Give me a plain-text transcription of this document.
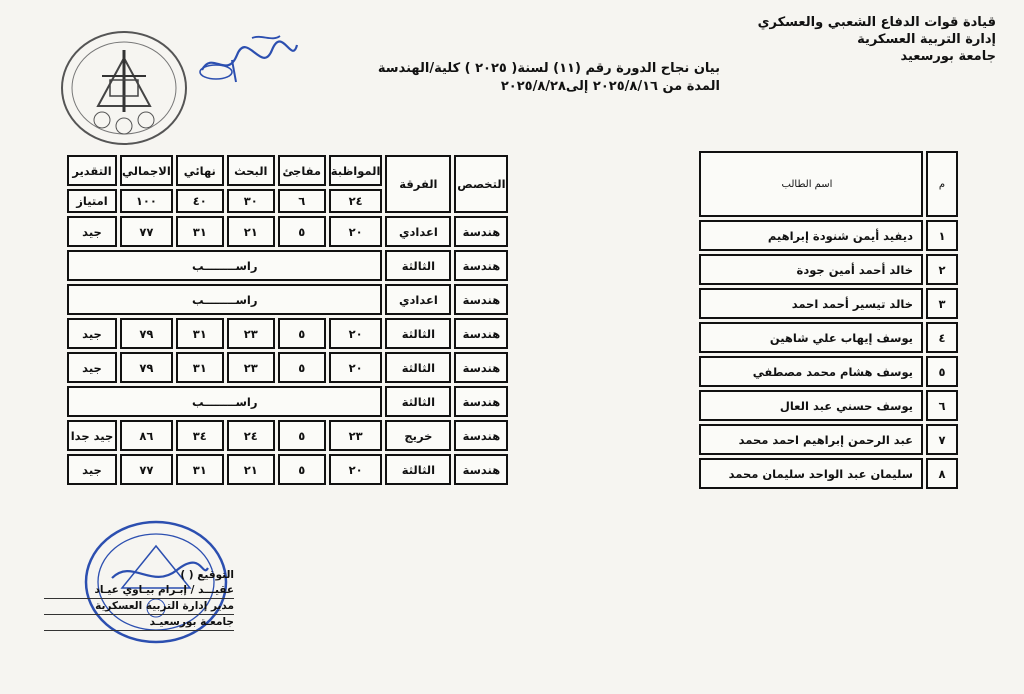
قيادة قوات الدفاع الشعبي والعسكري
إدارة التربية العسكرية
جامعة بورسعيد
بيان نجاح الدورة رقم (١١) لسنة( ٢٠٢٥ ) كلية/الهندسة
المدة من ٢٠٢٥/٨/١٦ إلى٢٠٢٥/٨/٢٨
م	اسم الطالب
١	ديفيد أيمن شنودة إبراهيم
٢	خالد أحمد أمين جودة
٣	خالد تيسير أحمد احمد
٤	يوسف إيهاب علي شاهين
٥	يوسف هشام محمد مصطفي
٦	يوسف حسني عبد العال
٧	عبد الرحمن إبراهيم احمد محمد
٨	سليمان عبد الواحد سليمان محمد
التخصص	الفرقة	المواظبة	مفاجئ	البحث	نهائي	الاجمالي	التقدير
		٢٤	٦	٣٠	٤٠	١٠٠	امتياز
هندسة	اعدادي	٢٠	٥	٢١	٣١	٧٧	جيد
هندسة	الثالثة	راســــــــب					
هندسة	اعدادي	راســــــــب					
هندسة	الثالثة	٢٠	٥	٢٣	٣١	٧٩	جيد
هندسة	الثالثة	٢٠	٥	٢٣	٣١	٧٩	جيد
هندسة	الثالثة	راســــــــب					
هندسة	خريج	٢٣	٥	٢٤	٣٤	٨٦	جيد جدا
هندسة	الثالثة	٢٠	٥	٢١	٣١	٧٧	جيد
التوقيع ( )
عقيـــد / إبـرام بيـاوي عيـاد
مدير إدارة التربية العسكرية
جامعـة بورسعيـد
